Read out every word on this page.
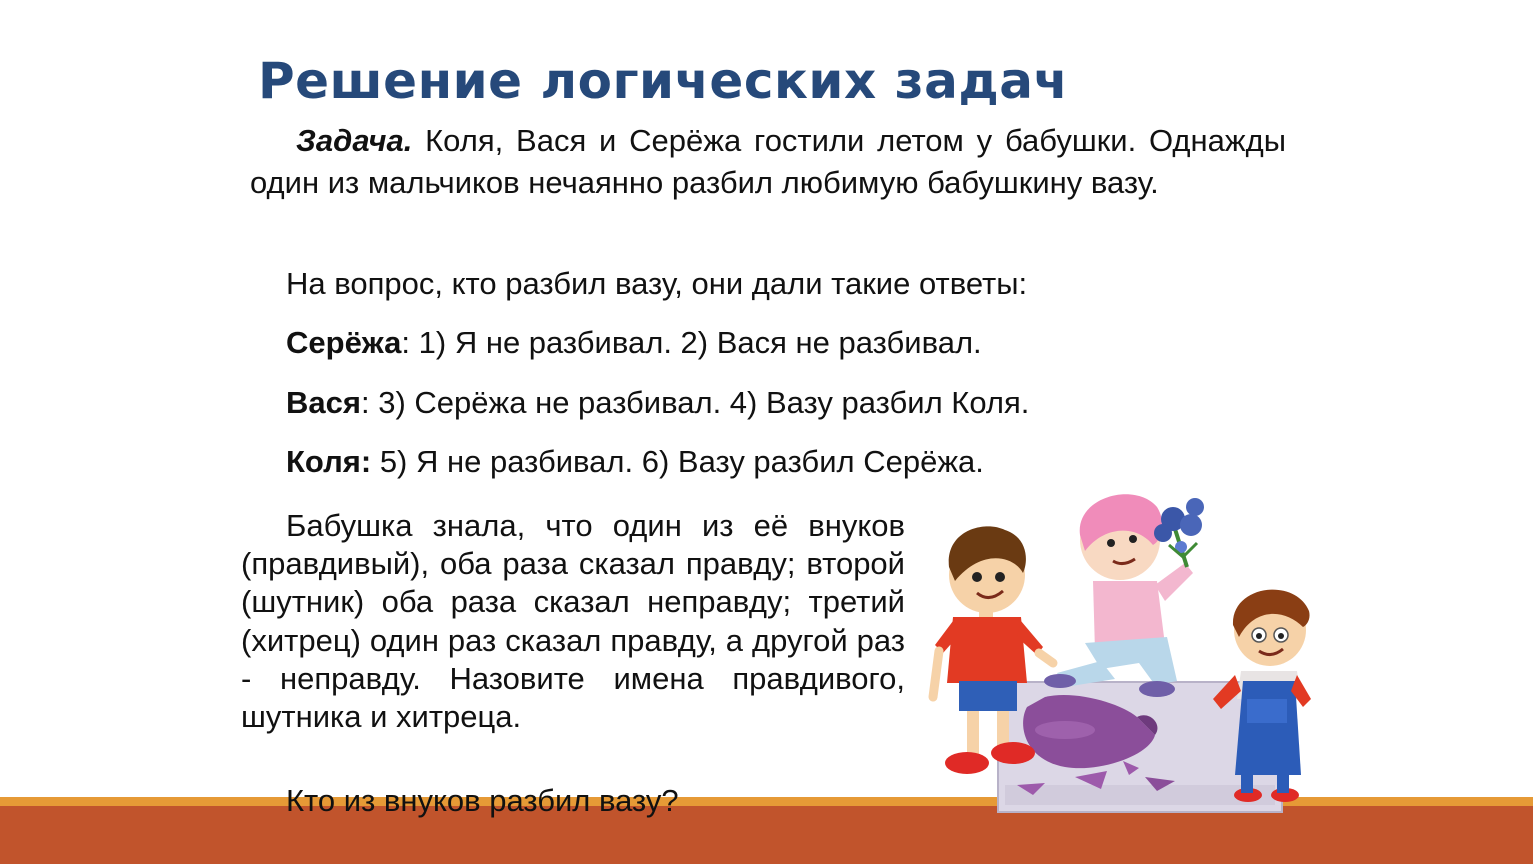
Решение логических задач
Задача. Коля, Вася и Серёжа гостили летом у бабушки. Однажды один из мальчиков нечаянно разбил любимую бабушкину вазу.
На вопрос, кто разбил вазу, они дали такие ответы:
Серёжа: 1) Я не разбивал. 2) Вася не разбивал.
Вася: 3) Серёжа не разбивал. 4) Вазу разбил Коля.
Коля: 5) Я не разбивал. 6) Вазу разбил Серёжа.
Бабушка знала, что один из её внуков (правдивый), оба раза сказал правду; второй (шутник) оба раза сказал неправду; третий (хитрец) один раз сказал правду, а другой раз - неправду. Назовите имена правдивого, шутника и хитреца.
Кто из внуков разбил вазу?
